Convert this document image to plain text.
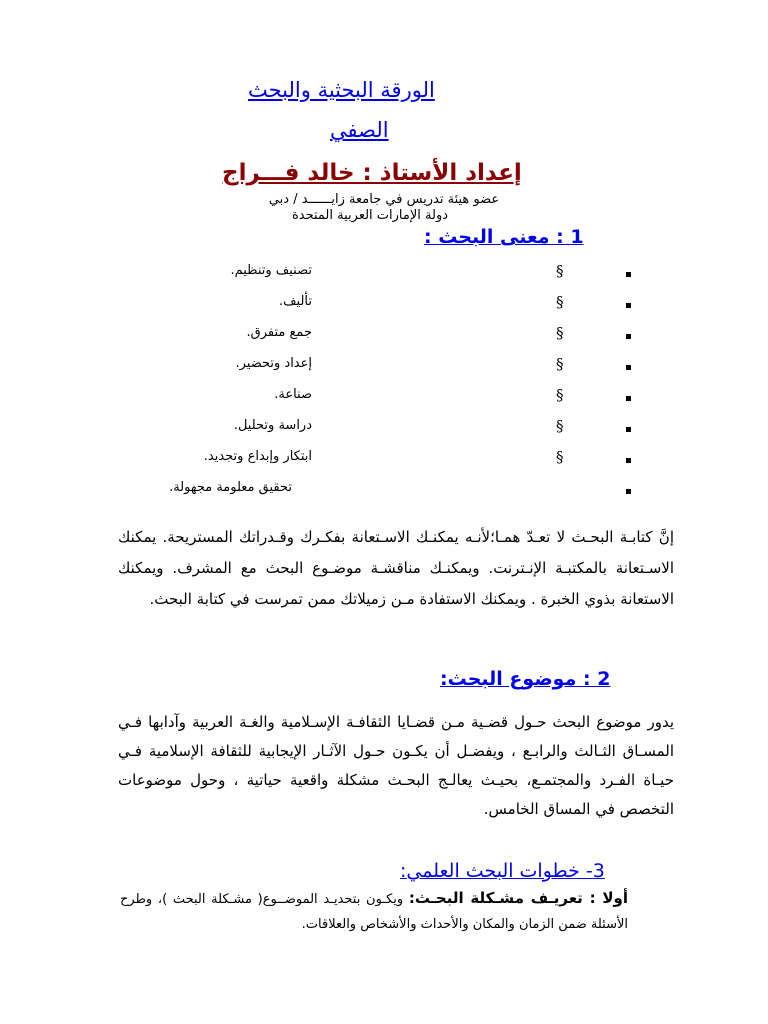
الورقة البحثية والبحث
الصفي
إعداد الأستاذ : خالد فـــراج
عضو هيئة تدريس في جامعة زايــــــد / دبي
دولة الإمارات العربية المتحدة
1 : معنى البحث :
§
تصنيف وتنظيم.
§
تأليف.
§
جمع متفرق.
§
إعداد وتحضير.
§
صناعة.
§
دراسة وتحليل.
§
ابتكار وإبداع وتجديد.
تحقيق معلومة مجهولة.

إنَّ كتابـة البحـث لا تعـدّ همـا؛لأنـه يمكنـك الاسـتعانة بفكـرك وقـدراتك المستريحة. يمكنك الاسـتعانة بالمكتبـة الإنـترنت. ويمكنـك مناقشـة موضـوع البحث مع المشرف. ويمكنك الاستعانة بذوي الخبرة . ويمكنك الاستفادة مـن زميلاتك ممن تمرست في كتابة البحث.

2 : موضوع البحث:

يدور موضوع البحث حـول قضـية مـن قضـايا الثقافـة الإسـلامية والغـة العربية وآدابها فـي المسـاق الثـالث والرابـع ، ويفضـل أن يكـون حـول الآثـار الإيجابية للثقافة الإسلامية فـي حيـاة الفـرد والمجتمـع، بحيـث يعالـج البحـث مشكلة واقعية حياتية ، وحول موضوعات التخصص في المساق الخامس.

3- خطوات البحث العلمي:

أولا : تعريـف مشـكلة البحـث: ويكـون بتحديـد الموضــوع( مشـكلة البحث )، وطرح الأسئلة ضمن الزمان والمكان والأحداث والأشخاص والعلاقات.
